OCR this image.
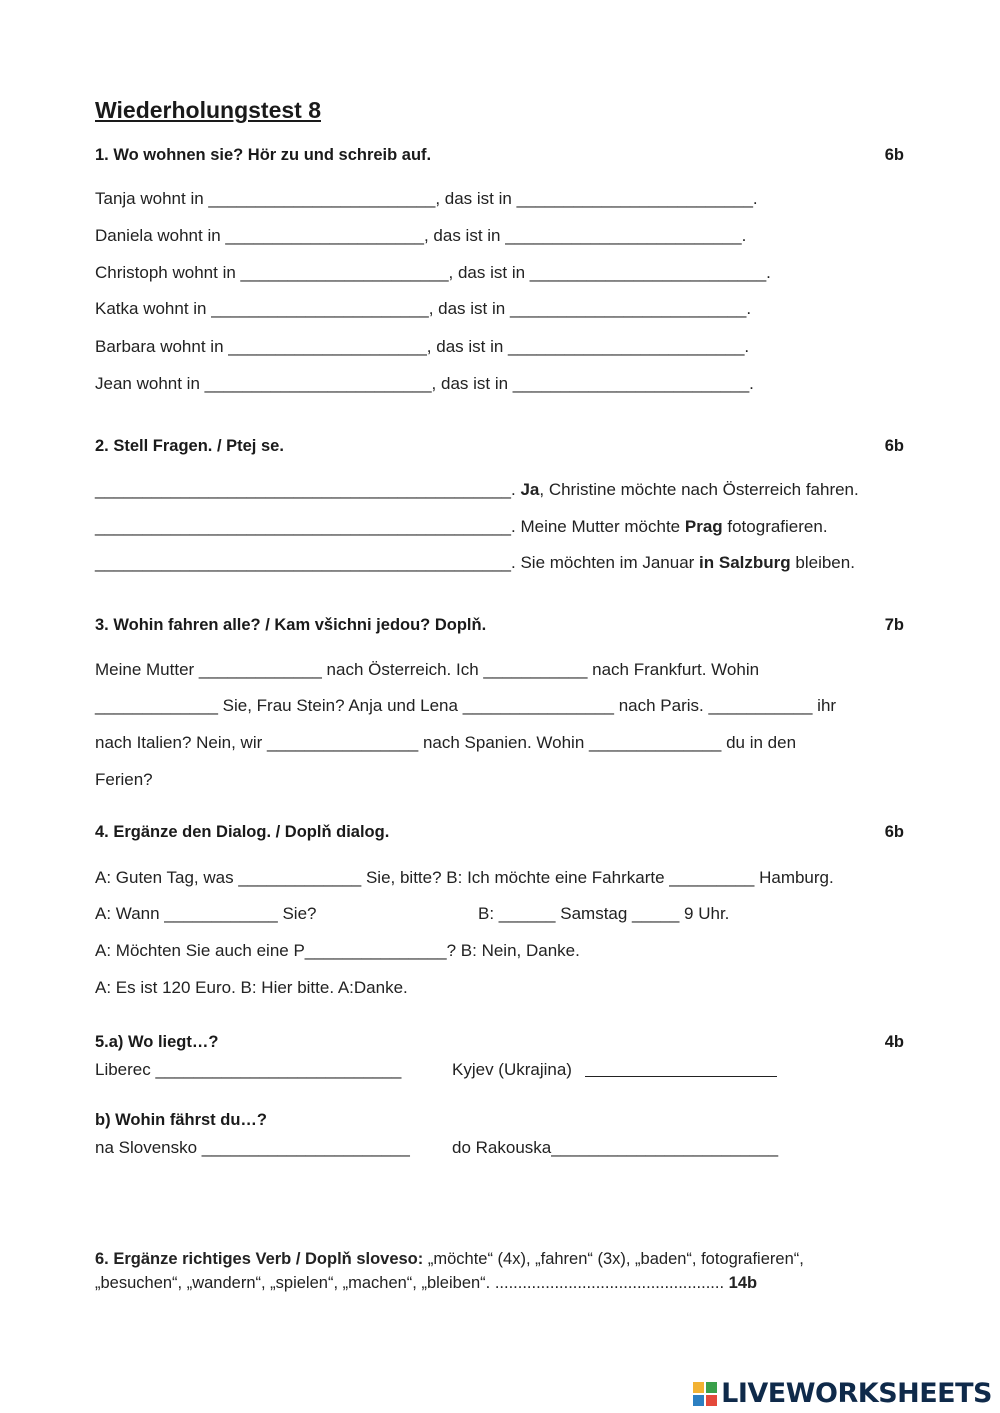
Wiederholungstest 8
1. Wo wohnen sie? Hör zu und schreib auf.	6b
Tanja wohnt in ________________________, das ist in _________________________.
Daniela wohnt in _____________________, das ist in _________________________.
Christoph wohnt in ______________________, das ist in _________________________.
Katka wohnt in _______________________, das ist in _________________________.
Barbara wohnt in _____________________, das ist in _________________________.
Jean wohnt in ________________________, das ist in _________________________.
2. Stell Fragen. / Ptej se.	6b
____________________________________________. Ja, Christine möchte nach Österreich fahren.
____________________________________________. Meine Mutter möchte Prag fotografieren.
____________________________________________. Sie möchten im Januar in Salzburg bleiben.
3. Wohin fahren alle? / Kam všichni jedou? Doplň.	7b
Meine Mutter _____________ nach Österreich. Ich ___________ nach Frankfurt. Wohin
_____________ Sie, Frau Stein? Anja und Lena ________________ nach Paris. ___________ ihr
nach Italien? Nein, wir ________________ nach Spanien. Wohin ______________ du in den
Ferien?
4. Ergänze den Dialog. / Doplň dialog.	6b
A: Guten Tag, was _____________ Sie, bitte? B: Ich möchte eine Fahrkarte _________ Hamburg.
A: Wann ____________ Sie?	B: ______ Samstag _____ 9 Uhr.
A: Möchten Sie auch eine P_______________? B: Nein, Danke.
A: Es ist 120 Euro. B: Hier bitte. A:Danke.
5.a) Wo liegt…?	4b
Liberec __________________________	Kyjev (Ukrajina)
b) Wohin fährst du…?
na Slovensko ______________________ do Rakouska________________________
6. Ergänze richtiges Verb / Doplň sloveso: „möchte“ (4x), „fahren“ (3x), „baden“, fotografieren“,
„besuchen“, „wandern“, „spielen“, „machen“, „bleiben“. .................................................. 14b
LIVEWORKSHEETS
